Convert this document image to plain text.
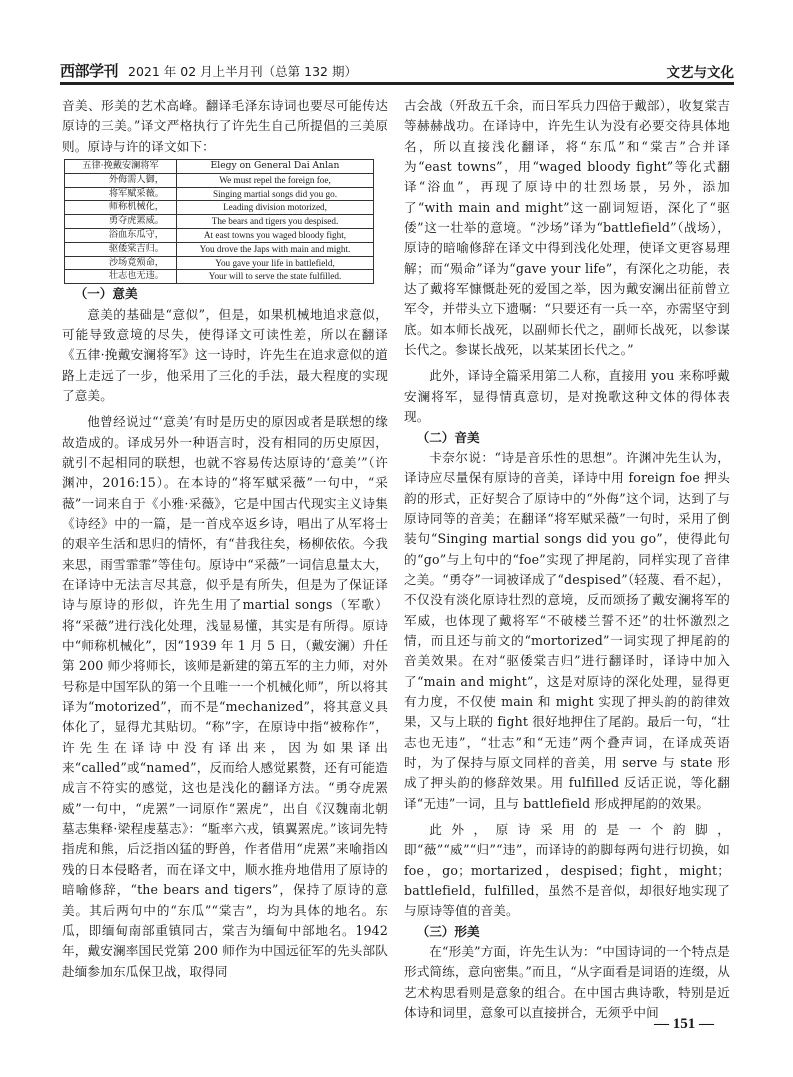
西部学刊 2021 年 02 月上半月刊（总第 132 期）	文艺与文化

音美、形美的艺术高峰。翻译毛泽东诗词也要尽可能传达原诗的三美。”译文严格执行了许先生自己所提倡的三美原则。原诗与许的译文如下：

五律·挽戴安澜将军	Elegy on General Dai Anlan
外侮需人御，	We must repel the foreign foe,
将军赋采薇。	Singing martial songs did you go.
师称机械化，	Leading division motorized,
勇夺虎罴威。	The bears and tigers you despised.
浴血东瓜守，	At east towns you waged bloody fight,
驱倭棠吉归。	You drove the Japs with main and might.
沙场竟殒命，	You gave your life in battlefield,
壮志也无违。	Your will to serve the state fulfilled.

（一）意美

意美的基础是“意似”，但是，如果机械地追求意似，可能导致意境的尽失，使得译文可读性差，所以在翻译《五律·挽戴安澜将军》这一诗时，许先生在追求意似的道路上走远了一步，他采用了三化的手法，最大程度的实现了意美。

他曾经说过“‘意美’有时是历史的原因或者是联想的缘故造成的。译成另外一种语言时，没有相同的历史原因，就引不起相同的联想，也就不容易传达原诗的‘意美’”（许渊冲，2016:15）。在本诗的“将军赋采薇”一句中，“采薇”一词来自于《小雅·采薇》，它是中国古代现实主义诗集《诗经》中的一篇，是一首戍卒返乡诗，唱出了从军将士的艰辛生活和思归的情怀，有“昔我往矣，杨柳依依。今我来思，雨雪霏霏”等佳句。原诗中“采薇”一词信息量太大，在译诗中无法言尽其意，似乎是有所失，但是为了保证译诗与原诗的形似，许先生用了martial songs（军歌）将“采薇”进行浅化处理，浅显易懂，其实是有所得。原诗中“师称机械化”，因“1939 年 1 月 5 日，（戴安澜）升任第 200 师少将师长，该师是新建的第五军的主力师，对外号称是中国军队的第一个且唯一一个机械化师”，所以将其译为“motorized”，而不是“mechanized”，将其意义具体化了，显得尤其贴切。“称”字，在原诗中指“被称作”，许先生在译诗中没有译出来，因为如果译出来“called”或“named”，反而给人感觉累赘，还有可能造成言不符实的感觉，这也是浅化的翻译方法。“勇夺虎罴威”一句中，“虎罴”一词原作“罴虎”，出自《汉魏南北朝墓志集释·梁程虔墓志》：“駈率六戎，镇翼罴虎。”该词先特指虎和熊，后泛指凶猛的野兽，作者借用“虎罴”来喻指凶残的日本侵略者，而在译文中，顺水推舟地借用了原诗的暗喻修辞，“the bears and tigers”，保持了原诗的意美。其后两句中的“东瓜”“棠吉”，均为具体的地名。东瓜，即缅甸南部重镇同古，棠吉为缅甸中部地名。1942 年，戴安澜率国民党第 200 师作为中国远征军的先头部队赴缅参加东瓜保卫战，取得同

古会战（歼敌五千余，而日军兵力四倍于戴部），收复棠吉等赫赫战功。在译诗中，许先生认为没有必要交待具体地名，所以直接浅化翻译，将“东瓜”和“棠吉”合并译为“east towns”，用“waged bloody fight”等化式翻译“浴血”，再现了原诗中的壮烈场景，另外，添加了“with main and might”这一副词短语，深化了“驱倭”这一壮举的意境。“沙场”译为“battlefield”（战场），原诗的暗喻修辞在译文中得到浅化处理，使译文更容易理解；而“殒命”译为“gave your life”，有深化之功能，表达了戴将军慷慨赴死的爱国之举，因为戴安澜出征前曾立军令，并带头立下遗嘱：“只要还有一兵一卒，亦需坚守到底。如本师长战死，以副师长代之，副师长战死，以参谋长代之。参谋长战死，以某某团长代之。”

此外，译诗全篇采用第二人称，直接用 you 来称呼戴安澜将军，显得情真意切，是对挽歌这种文体的得体表现。

（二）音美

卡奈尔说：“诗是音乐性的思想”。许渊冲先生认为，译诗应尽量保有原诗的音美，译诗中用 foreign foe 押头韵的形式，正好契合了原诗中的“外侮”这个词，达到了与原诗同等的音美；在翻译“将军赋采薇”一句时，采用了倒装句“Singing martial songs did you go”，使得此句的“go”与上句中的“foe”实现了押尾韵，同样实现了音律之美。“勇夺”一词被译成了“despised”（轻蔑、看不起），不仅没有淡化原诗壮烈的意境，反而颂扬了戴安澜将军的军威，也体现了戴将军“不破楼兰誓不还”的壮怀激烈之情，而且还与前文的“mortorized”一词实现了押尾韵的音美效果。在对“驱倭棠吉归”进行翻译时，译诗中加入了“main and might”，这是对原诗的深化处理，显得更有力度，不仅使 main 和 might 实现了押头韵的韵律效果，又与上联的 fight 很好地押住了尾韵。最后一句，“壮志也无违”，“壮志”和“无违”两个叠声词，在译成英语时，为了保持与原文同样的音美，用 serve 与 state 形成了押头韵的修辞效果。用 fulfilled 反话正说，等化翻译“无违”一词，且与 battlefield 形成押尾韵的效果。

此外，原诗采用的是一个韵脚，即“薇”“威”“归”“违”，而译诗的韵脚每两句进行切换，如 foe，go；mortarized，despised；fight，might；battlefield，fulfilled，虽然不是音似，却很好地实现了与原诗等值的音美。

（三）形美

在“形美”方面，许先生认为：“中国诗词的一个特点是形式简练，意向密集。”而且，“从字面看是词语的连缀，从艺术构思看则是意象的组合。在中国古典诗歌，特别是近体诗和词里，意象可以直接拼合，无须乎中间

— 151 —
